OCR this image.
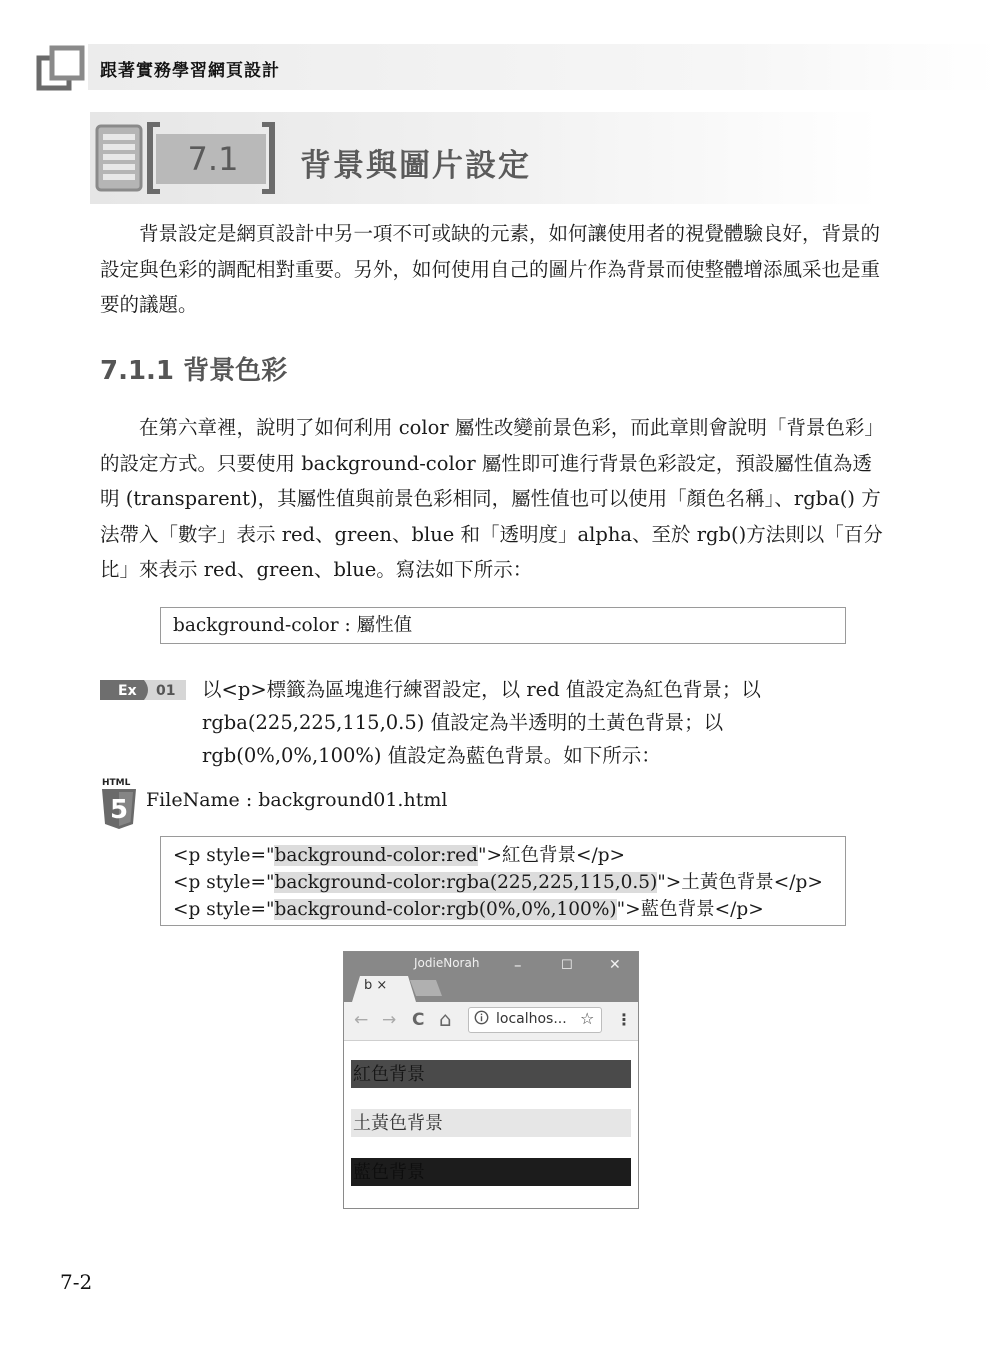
跟著實務學習網頁設計
7.1	背景與圖片設定

背景設定是網頁設計中另一項不可或缺的元素，如何讓使用者的視覺體驗良好，背景的設定與色彩的調配相對重要。另外，如何使用自己的圖片作為背景而使整體增添風采也是重要的議題。

7.1.1 背景色彩

在第六章裡，說明了如何利用 color 屬性改變前景色彩，而此章則會說明「背景色彩」的設定方式。只要使用 background-color 屬性即可進行背景色彩設定，預設屬性值為透明 (transparent)，其屬性值與前景色彩相同，屬性值也可以使用「顏色名稱」、rgba() 方法帶入「數字」表示 red、green、blue 和「透明度」alpha、至於 rgb()方法則以「百分比」來表示 red、green、blue。寫法如下所示：

background-color : 屬性值
Ex 01 以<p>標籤為區塊進行練習設定，以 red 值設定為紅色背景；以 rgba(225,225,115,0.5) 值設定為半透明的土黃色背景；以 rgb(0%,0%,100%) 值設定為藍色背景。如下所示：

HTML
5 FileName : background01.html
<p style="background-color:red">紅色背景</p>
<p style="background-color:rgba(225,225,115,0.5)">土黃色背景</p>
<p style="background-color:rgb(0%,0%,100%)">藍色背景</p>
JodieNorah –	☐	✕
b ×
← → C ⌂	localhos... ☆ ⋮
紅色背景
土黃色背景
藍色背景
7-2
